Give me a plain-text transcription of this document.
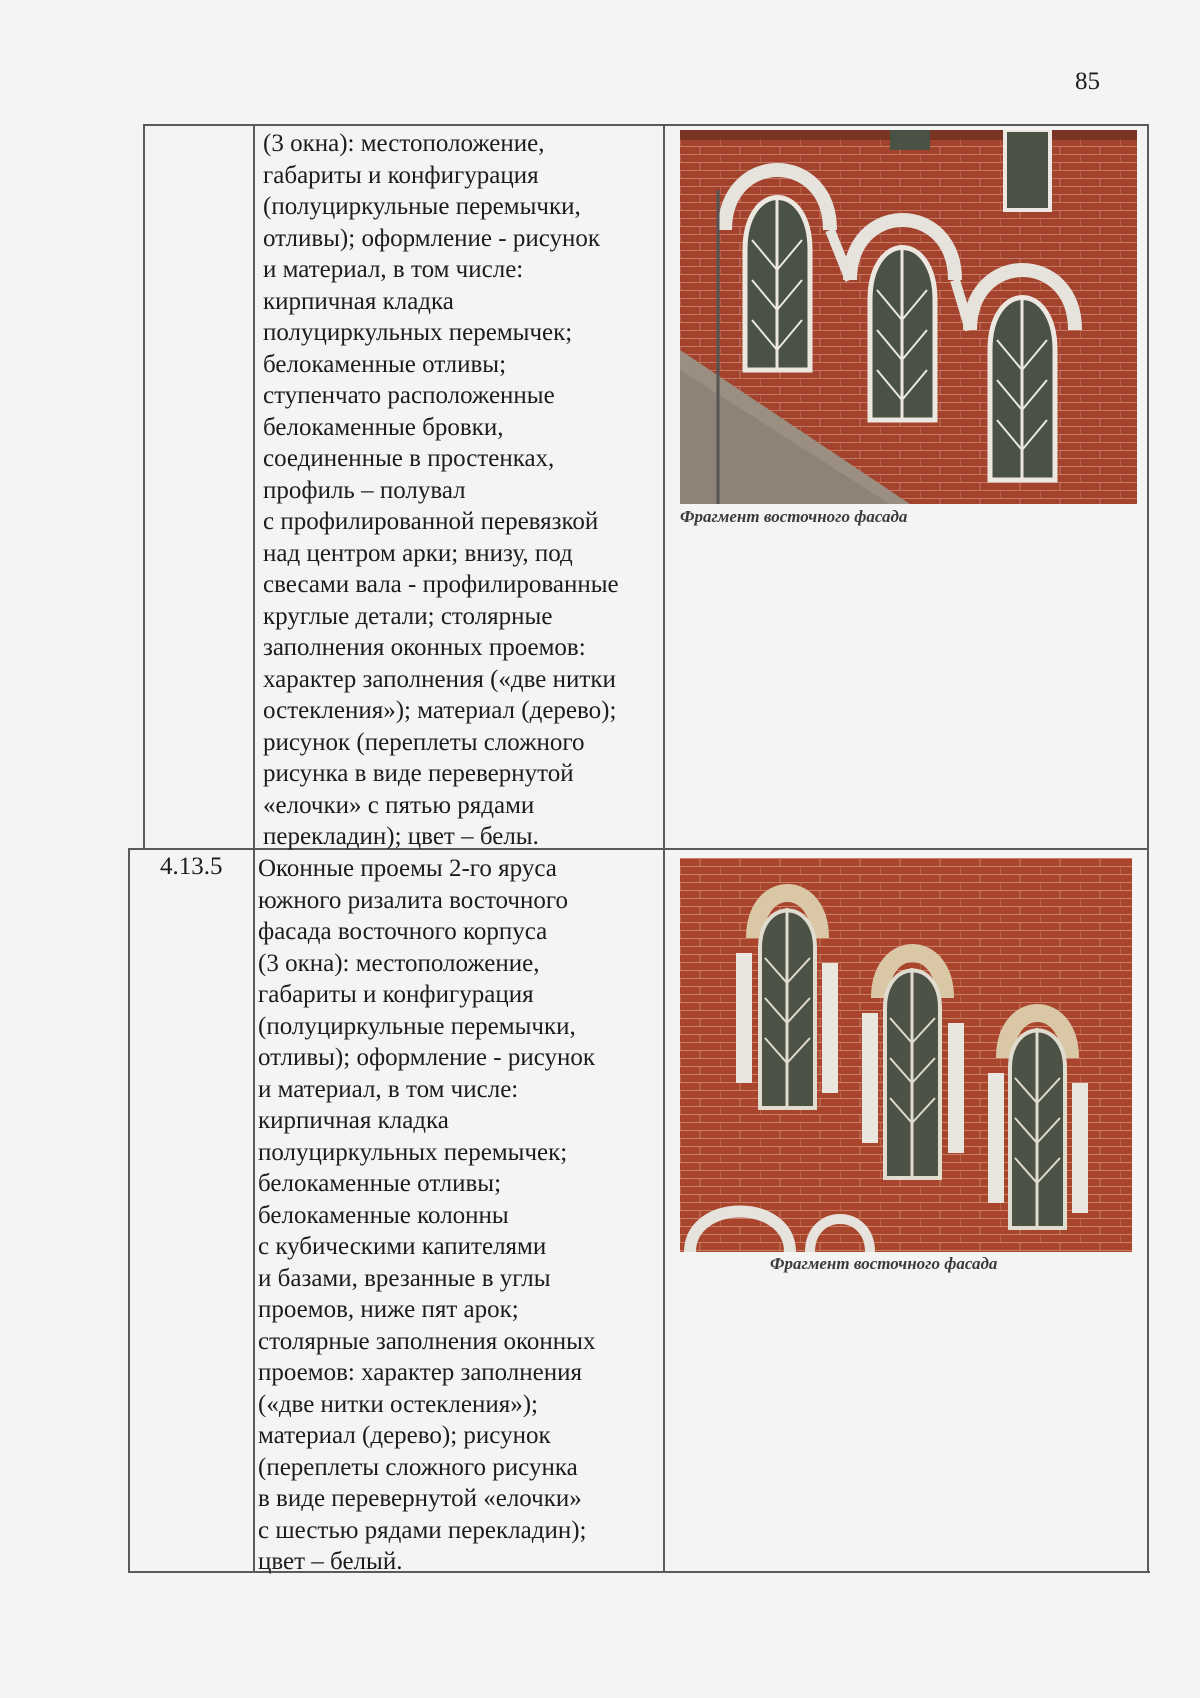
85

(3 окна): местоположение,
габариты и конфигурация
(полуциркульные перемычки,
отливы); оформление - рисунок
и материал, в том числе:
кирпичная кладка
полуциркульных перемычек;
белокаменные отливы;
ступенчато расположенные
белокаменные бровки,
соединенные в простенках,
профиль – полувал
с профилированной перевязкой
над центром арки; внизу, под
свесами вала - профилированные
круглые детали; столярные
заполнения оконных проемов:
характер заполнения («две нитки
остекления»); материал (дерево);
рисунок (переплеты сложного
рисунка в виде перевернутой
«елочки» с пятью рядами
перекладин); цвет – белы.

Фрагмент восточного фасада
4.13.5 Оконные проемы 2-го яруса
южного ризалита восточного
фасада восточного корпуса
(3 окна): местоположение,
габариты и конфигурация
(полуциркульные перемычки,
отливы); оформление - рисунок
и материал, в том числе:
кирпичная кладка
полуциркульных перемычек;
белокаменные отливы;
белокаменные колонны
с кубическими капителями
и базами, врезанные в углы
проемов, ниже пят арок;
столярные заполнения оконных
проемов: характер заполнения
(«две нитки остекления»);
материал (дерево); рисунок
(переплеты сложного рисунка
в виде перевернутой «елочки»
с шестью рядами перекладин);
цвет – белый.

Фрагмент восточного фасада
